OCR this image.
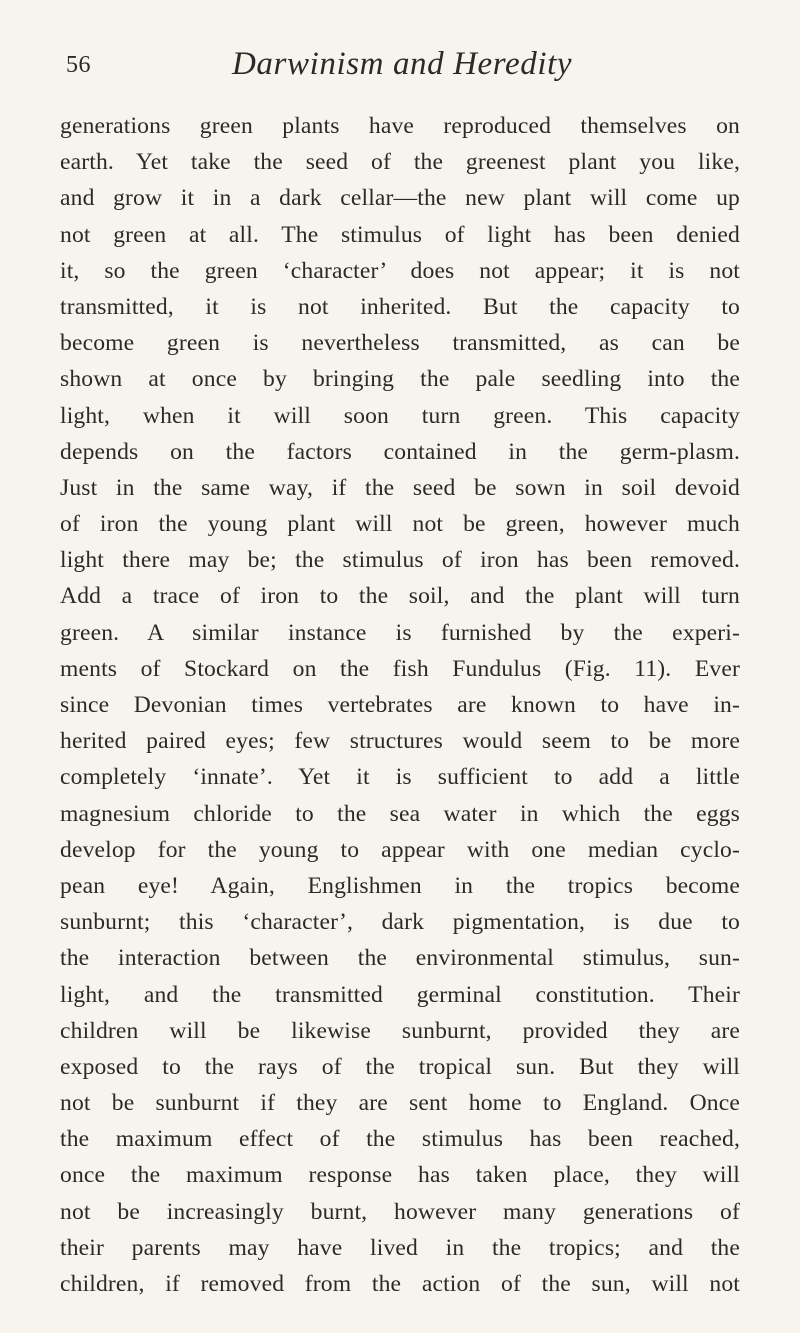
56	Darwinism and Heredity
generations green plants have reproduced themselves on
earth. Yet take the seed of the greenest plant you like,
and grow it in a dark cellar—the new plant will come up
not green at all. The stimulus of light has been denied
it, so the green ‘character’ does not appear; it is not
transmitted, it is not inherited. But the capacity to
become green is nevertheless transmitted, as can be
shown at once by bringing the pale seedling into the
light, when it will soon turn green. This capacity
depends on the factors contained in the germ-plasm.
Just in the same way, if the seed be sown in soil devoid
of iron the young plant will not be green, however much
light there may be; the stimulus of iron has been removed.
Add a trace of iron to the soil, and the plant will turn
green. A similar instance is furnished by the experi-
ments of Stockard on the fish Fundulus (Fig. 11). Ever
since Devonian times vertebrates are known to have in-
herited paired eyes; few structures would seem to be more
completely ‘innate’. Yet it is sufficient to add a little
magnesium chloride to the sea water in which the eggs
develop for the young to appear with one median cyclo-
pean eye! Again, Englishmen in the tropics become
sunburnt; this ‘character’, dark pigmentation, is due to
the interaction between the environmental stimulus, sun-
light, and the transmitted germinal constitution. Their
children will be likewise sunburnt, provided they are
exposed to the rays of the tropical sun. But they will
not be sunburnt if they are sent home to England. Once
the maximum effect of the stimulus has been reached,
once the maximum response has taken place, they will
not be increasingly burnt, however many generations of
their parents may have lived in the tropics; and the
children, if removed from the action of the sun, will not
